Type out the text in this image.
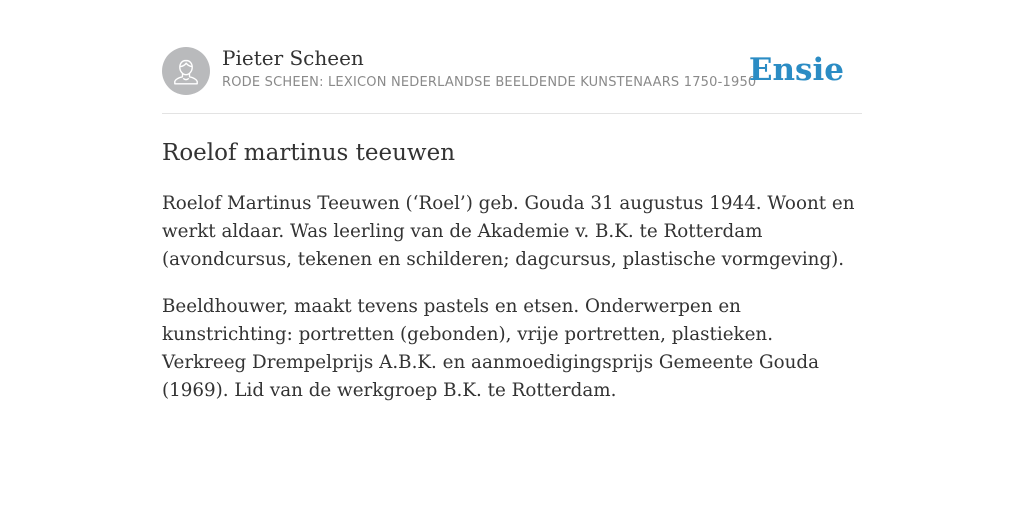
Pieter Scheen
RODE SCHEEN: LEXICON NEDERLANDSE BEELDENDE KUNSTENAARS 1750-1950
Ensie
Roelof martinus teeuwen

Roelof Martinus Teeuwen (‘Roel’) geb. Gouda 31 augustus 1944. Woont en werkt aldaar. Was leerling van de Akademie v. B.K. te Rotterdam (avondcursus, tekenen en schilderen; dagcursus, plastische vormgeving).

Beeldhouwer, maakt tevens pastels en etsen. Onderwerpen en kunstrichting: portretten (gebonden), vrije portretten, plastieken. Verkreeg Drempelprijs A.B.K. en aanmoedigingsprijs Gemeente Gouda (1969). Lid van de werkgroep B.K. te Rotterdam.
